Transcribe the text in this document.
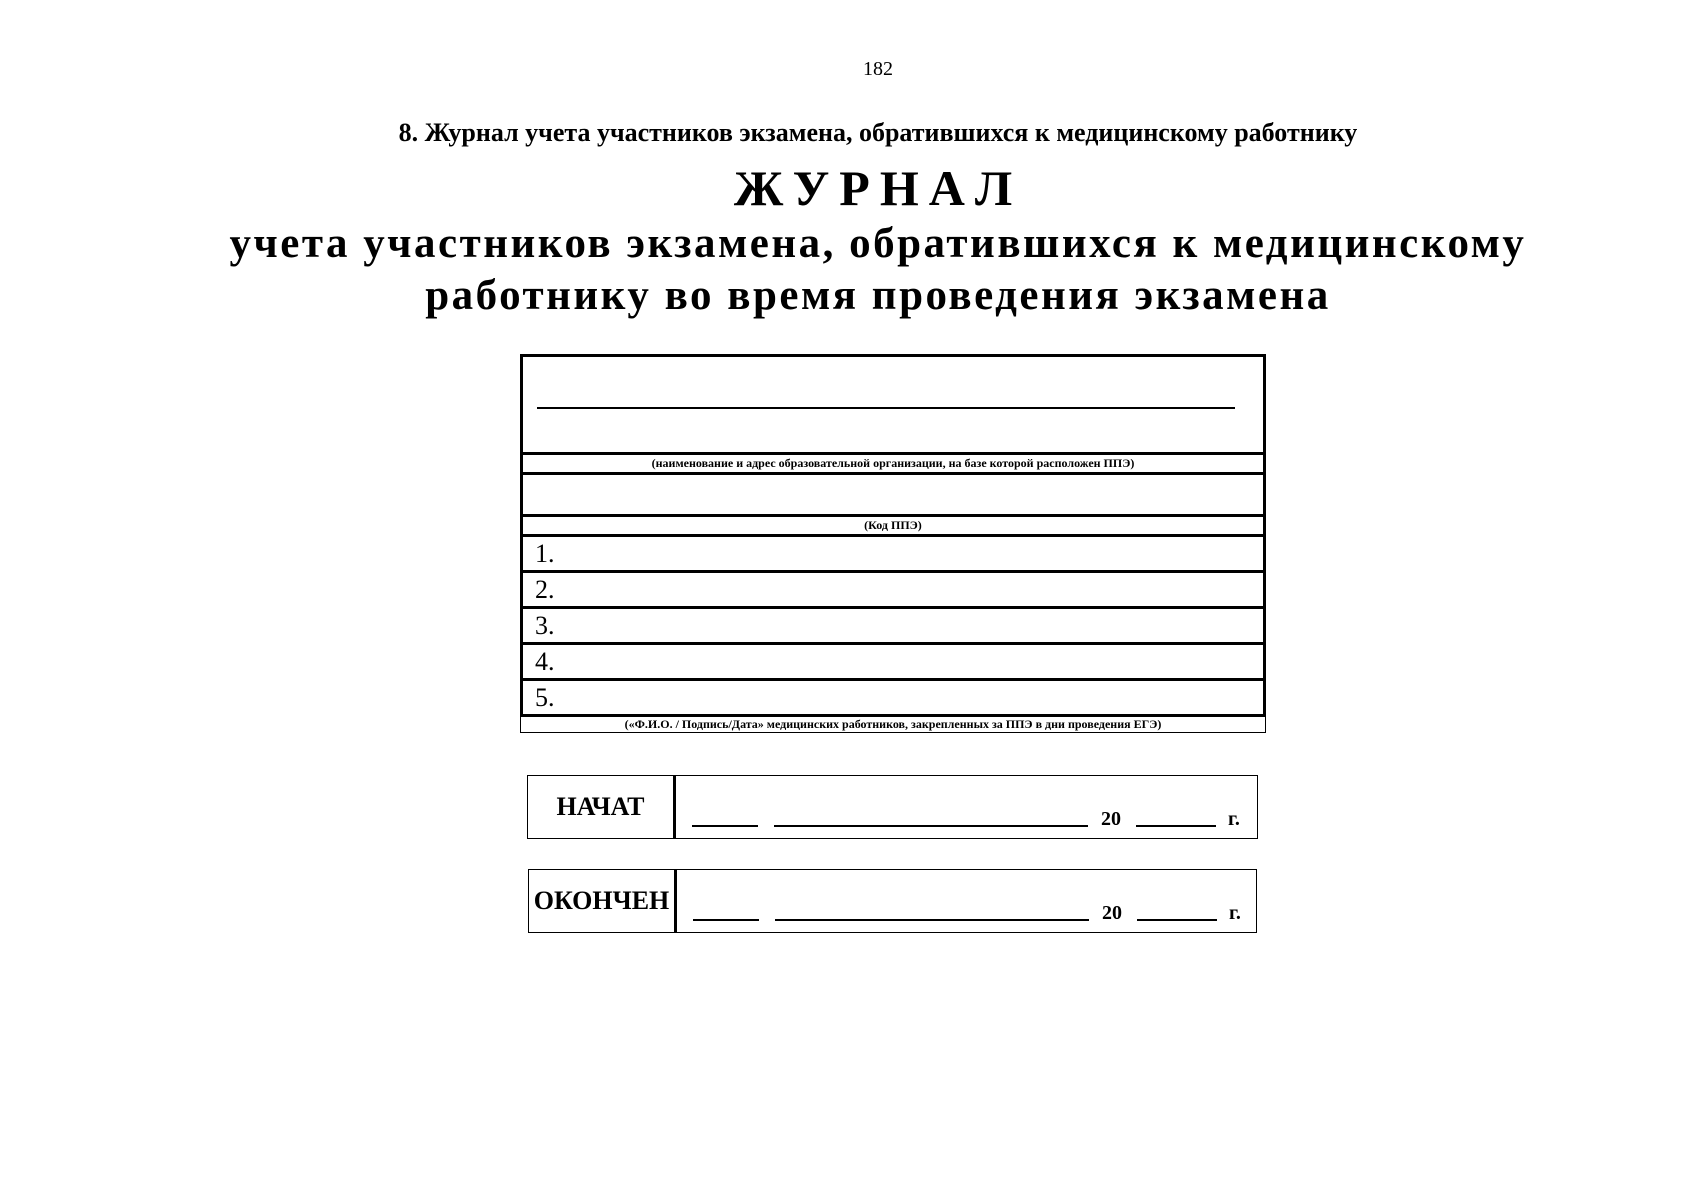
182
8. Журнал учета участников экзамена, обратившихся к медицинскому работнику
ЖУРНАЛ
учета участников экзамена, обратившихся к медицинскому
работнику во время проведения экзамена
(наименование и адрес образовательной организации, на базе которой расположен ППЭ)
(Код ППЭ)
1.
2.
3.
4.
5.
(«Ф.И.О. / Подпись/Дата» медицинских работников, закрепленных за ППЭ в дни проведения ЕГЭ)
НАЧАТ	20	г.
ОКОНЧЕН	20	г.
